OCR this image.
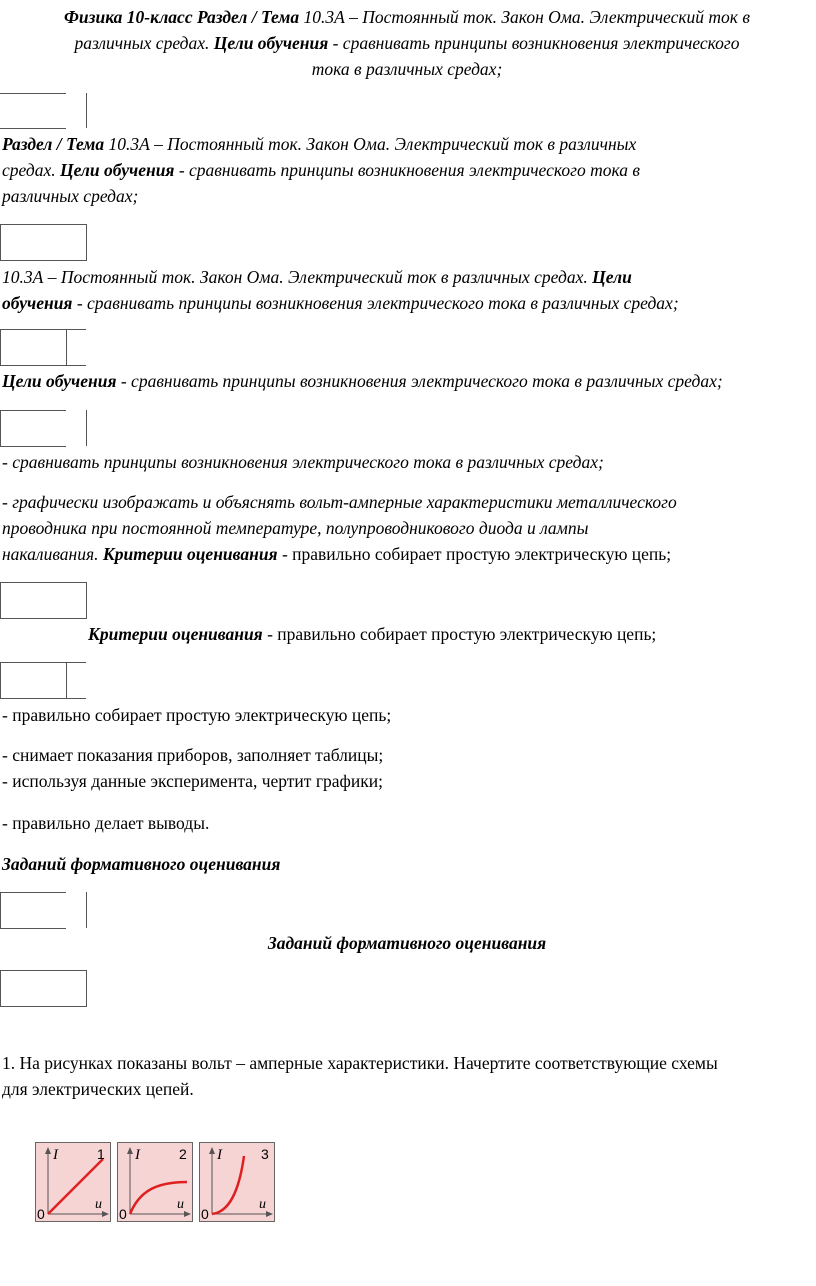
Физика 10-класс Раздел / Тема 10.3А – Постоянный ток. Закон Ома. Электрический ток в
различных средах. Цели обучения - сравнивать принципы возникновения электрического
тока в различных средах;
Раздел / Тема 10.3А – Постоянный ток. Закон Ома. Электрический ток в различных
средах. Цели обучения - сравнивать принципы возникновения электрического тока в
различных средах;
10.3А – Постоянный ток. Закон Ома. Электрический ток в различных средах. Цели
обучения - сравнивать принципы возникновения электрического тока в различных средах;
Цели обучения - сравнивать принципы возникновения электрического тока в различных средах;
- сравнивать принципы возникновения электрического тока в различных средах;
- графически изображать и объяснять вольт-амперные характеристики металлического
проводника при постоянной температуре, полупроводникового диода и лампы
накаливания. Критерии оценивания - правильно собирает простую электрическую цепь;
Критерии оценивания - правильно собирает простую электрическую цепь;
- правильно собирает простую электрическую цепь;
- снимает показания приборов, заполняет таблицы;
- используя данные эксперимента, чертит графики;
- правильно делает выводы.
Заданий формативного оценивания
Заданий формативного оценивания
1. На рисунках показаны вольт – амперные характеристики. Начертите соответствующие схемы
для электрических цепей.
I	1
0
u
I	2
0
u
I	3
0
u
